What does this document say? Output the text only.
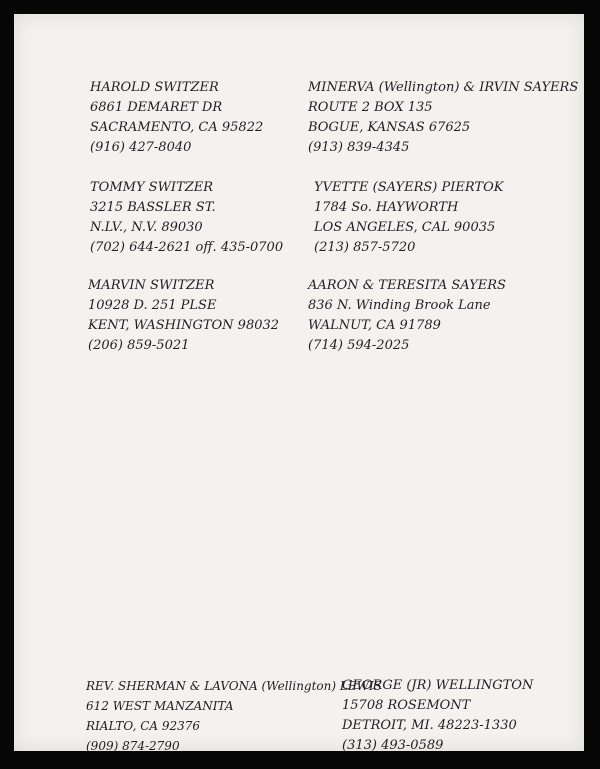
HAROLD SWITZER
6861 DEMARET DR
SACRAMENTO, CA 95822
(916) 427-8040
MINERVA (Wellington) & IRVIN SAYERS
ROUTE 2 BOX 135
BOGUE, KANSAS 67625
(913) 839-4345
TOMMY SWITZER
3215 BASSLER ST.
N.LV., N.V. 89030
(702) 644-2621 off. 435-0700
YVETTE (SAYERS) PIERTOK
1784 So. HAYWORTH
LOS ANGELES, CAL 90035
(213) 857-5720
MARVIN SWITZER
10928 D. 251 PLSE
KENT, WASHINGTON 98032
(206) 859-5021
AARON & TERESITA SAYERS
836 N. Winding Brook Lane
WALNUT, CA 91789
(714) 594-2025
REV. SHERMAN & LAVONA (Wellington) LEWIS
612 WEST MANZANITA
RIALTO, CA 92376
(909) 874-2790
GEORGE (JR) WELLINGTON
15708 ROSEMONT
DETROIT, MI. 48223-1330
(313) 493-0589
